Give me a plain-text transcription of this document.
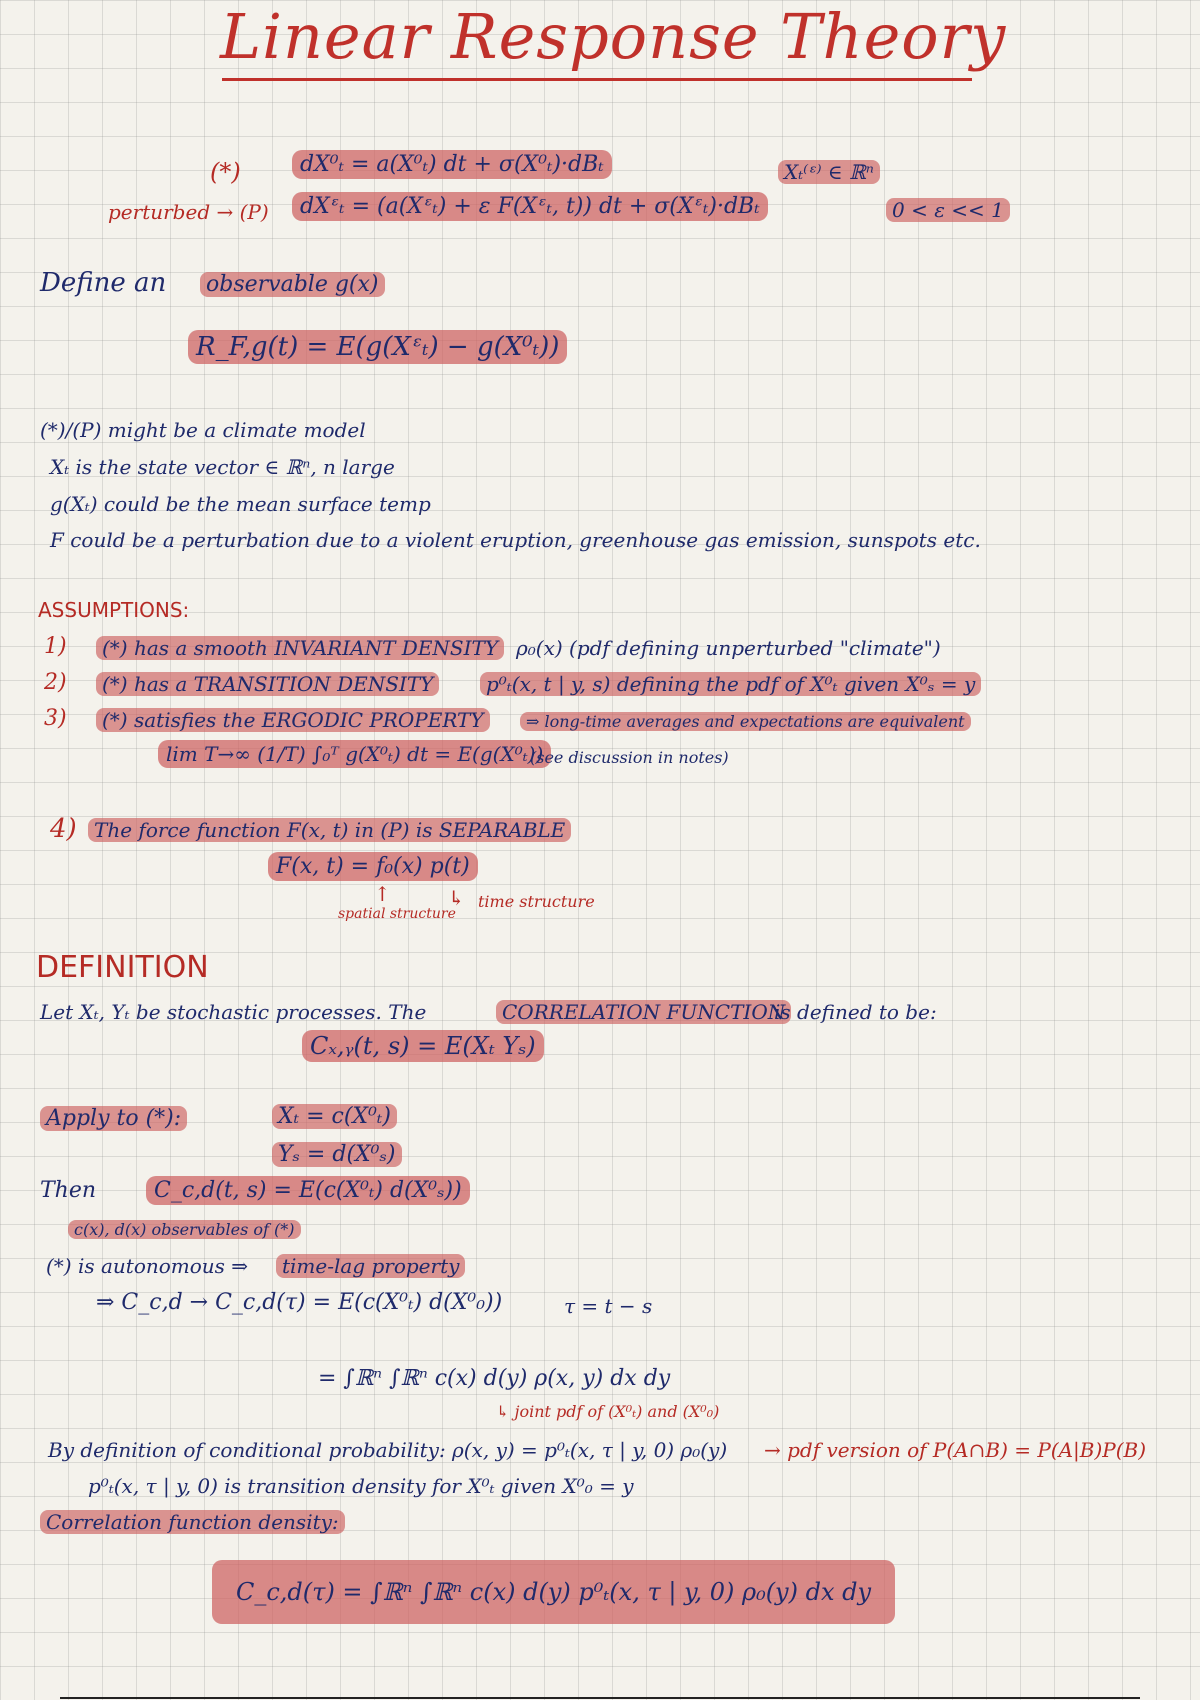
Linear Response Theory
(*)	dX⁰ₜ = a(X⁰ₜ) dt + σ(X⁰ₜ)·dBₜ
perturbed → (P)	dXᵋₜ = (a(Xᵋₜ) + ε F(Xᵋₜ, t)) dt + σ(Xᵋₜ)·dBₜ
Xₜ⁽ᵋ⁾ ∈ ℝⁿ
0 < ε << 1
Define an observable g(x)
R_F,g(t) = E(g(Xᵋₜ) − g(X⁰ₜ))
(*)/(P) might be a climate model
Xₜ is the state vector ∈ ℝⁿ, n large
g(Xₜ) could be the mean surface temp
F could be a perturbation due to a violent eruption, greenhouse gas emission, sunspots etc.
ASSUMPTIONS:
1)	(*) has a smooth INVARIANT DENSITY ρ₀(x) (pdf defining unperturbed "climate")
2)	(*) has a TRANSITION DENSITY	p⁰ₜ(x, t | y, s) defining the pdf of X⁰ₜ given X⁰ₛ = y
3)	(*) satisfies the ERGODIC PROPERTY	⇒ long-time averages and expectations are equivalent
lim T→∞ (1/T) ∫₀ᵀ g(X⁰ₜ) dt = E(g(X⁰ₜ))
(see discussion in notes)
4) The force function F(x, t) in (P) is SEPARABLE
F(x, t) = f₀(x) p(t)
↑
spatial structure
↳ time structure
DEFINITION
Let Xₜ, Yₜ be stochastic processes. The	CORRELATION FUNCTION
is defined to be:
Cₓ,ᵧ(t, s) = E(Xₜ Yₛ)
Apply to (*):	Xₜ = c(X⁰ₜ)
Yₛ = d(X⁰ₛ)
Then	C_c,d(t, s) = E(c(X⁰ₜ) d(X⁰ₛ))
c(x), d(x) observables of (*)
(*) is autonomous ⇒	time-lag property
⇒ C_c,d → C_c,d(τ) = E(c(X⁰ₜ) d(X⁰₀))	τ = t − s
= ∫ℝⁿ ∫ℝⁿ c(x) d(y) ρ(x, y) dx dy
↳ joint pdf of (X⁰ₜ) and (X⁰₀)
By definition of conditional probability: ρ(x, y) = p⁰ₜ(x, τ | y, 0) ρ₀(y) → pdf version of P(A∩B) = P(A|B)P(B)
p⁰ₜ(x, τ | y, 0) is transition density for X⁰ₜ given X⁰₀ = y
Correlation function density:
C_c,d(τ) = ∫ℝⁿ ∫ℝⁿ c(x) d(y) p⁰ₜ(x, τ | y, 0) ρ₀(y) dx dy
